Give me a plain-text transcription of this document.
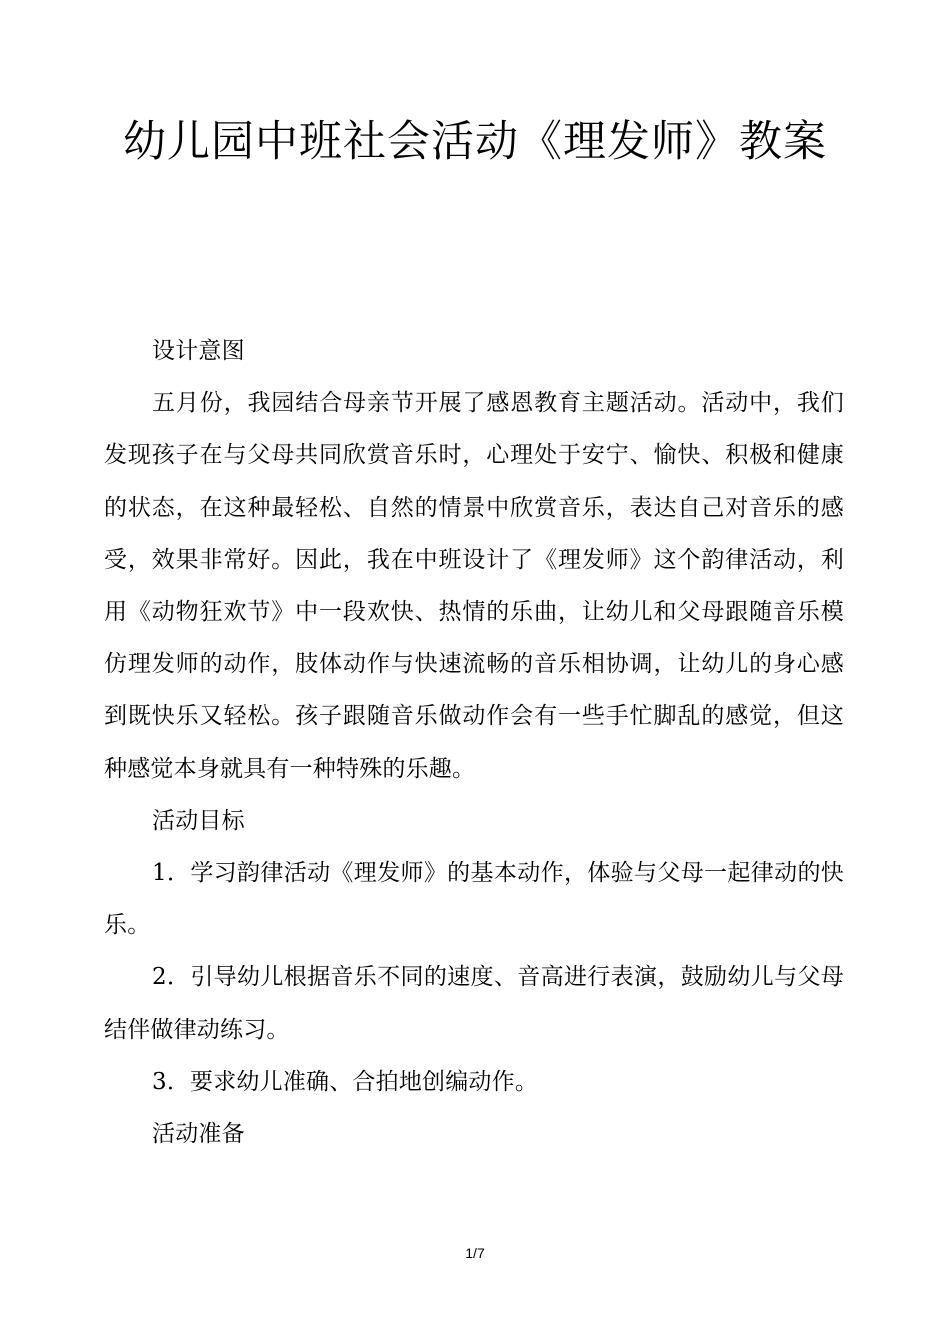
幼儿园中班社会活动《理发师》教案

设计意图

五月份，我园结合母亲节开展了感恩教育主题活动。活动中，我们发现孩子在与父母共同欣赏音乐时，心理处于安宁、愉快、积极和健康的状态，在这种最轻松、自然的情景中欣赏音乐，表达自己对音乐的感受，效果非常好。因此，我在中班设计了《理发师》这个韵律活动，利用《动物狂欢节》中一段欢快、热情的乐曲，让幼儿和父母跟随音乐模仿理发师的动作，肢体动作与快速流畅的音乐相协调，让幼儿的身心感到既快乐又轻松。孩子跟随音乐做动作会有一些手忙脚乱的感觉，但这种感觉本身就具有一种特殊的乐趣。

活动目标

1．学习韵律活动《理发师》的基本动作，体验与父母一起律动的快乐。

2．引导幼儿根据音乐不同的速度、音高进行表演，鼓励幼儿与父母结伴做律动练习。

3．要求幼儿准确、合拍地创编动作。

活动准备

1/7
